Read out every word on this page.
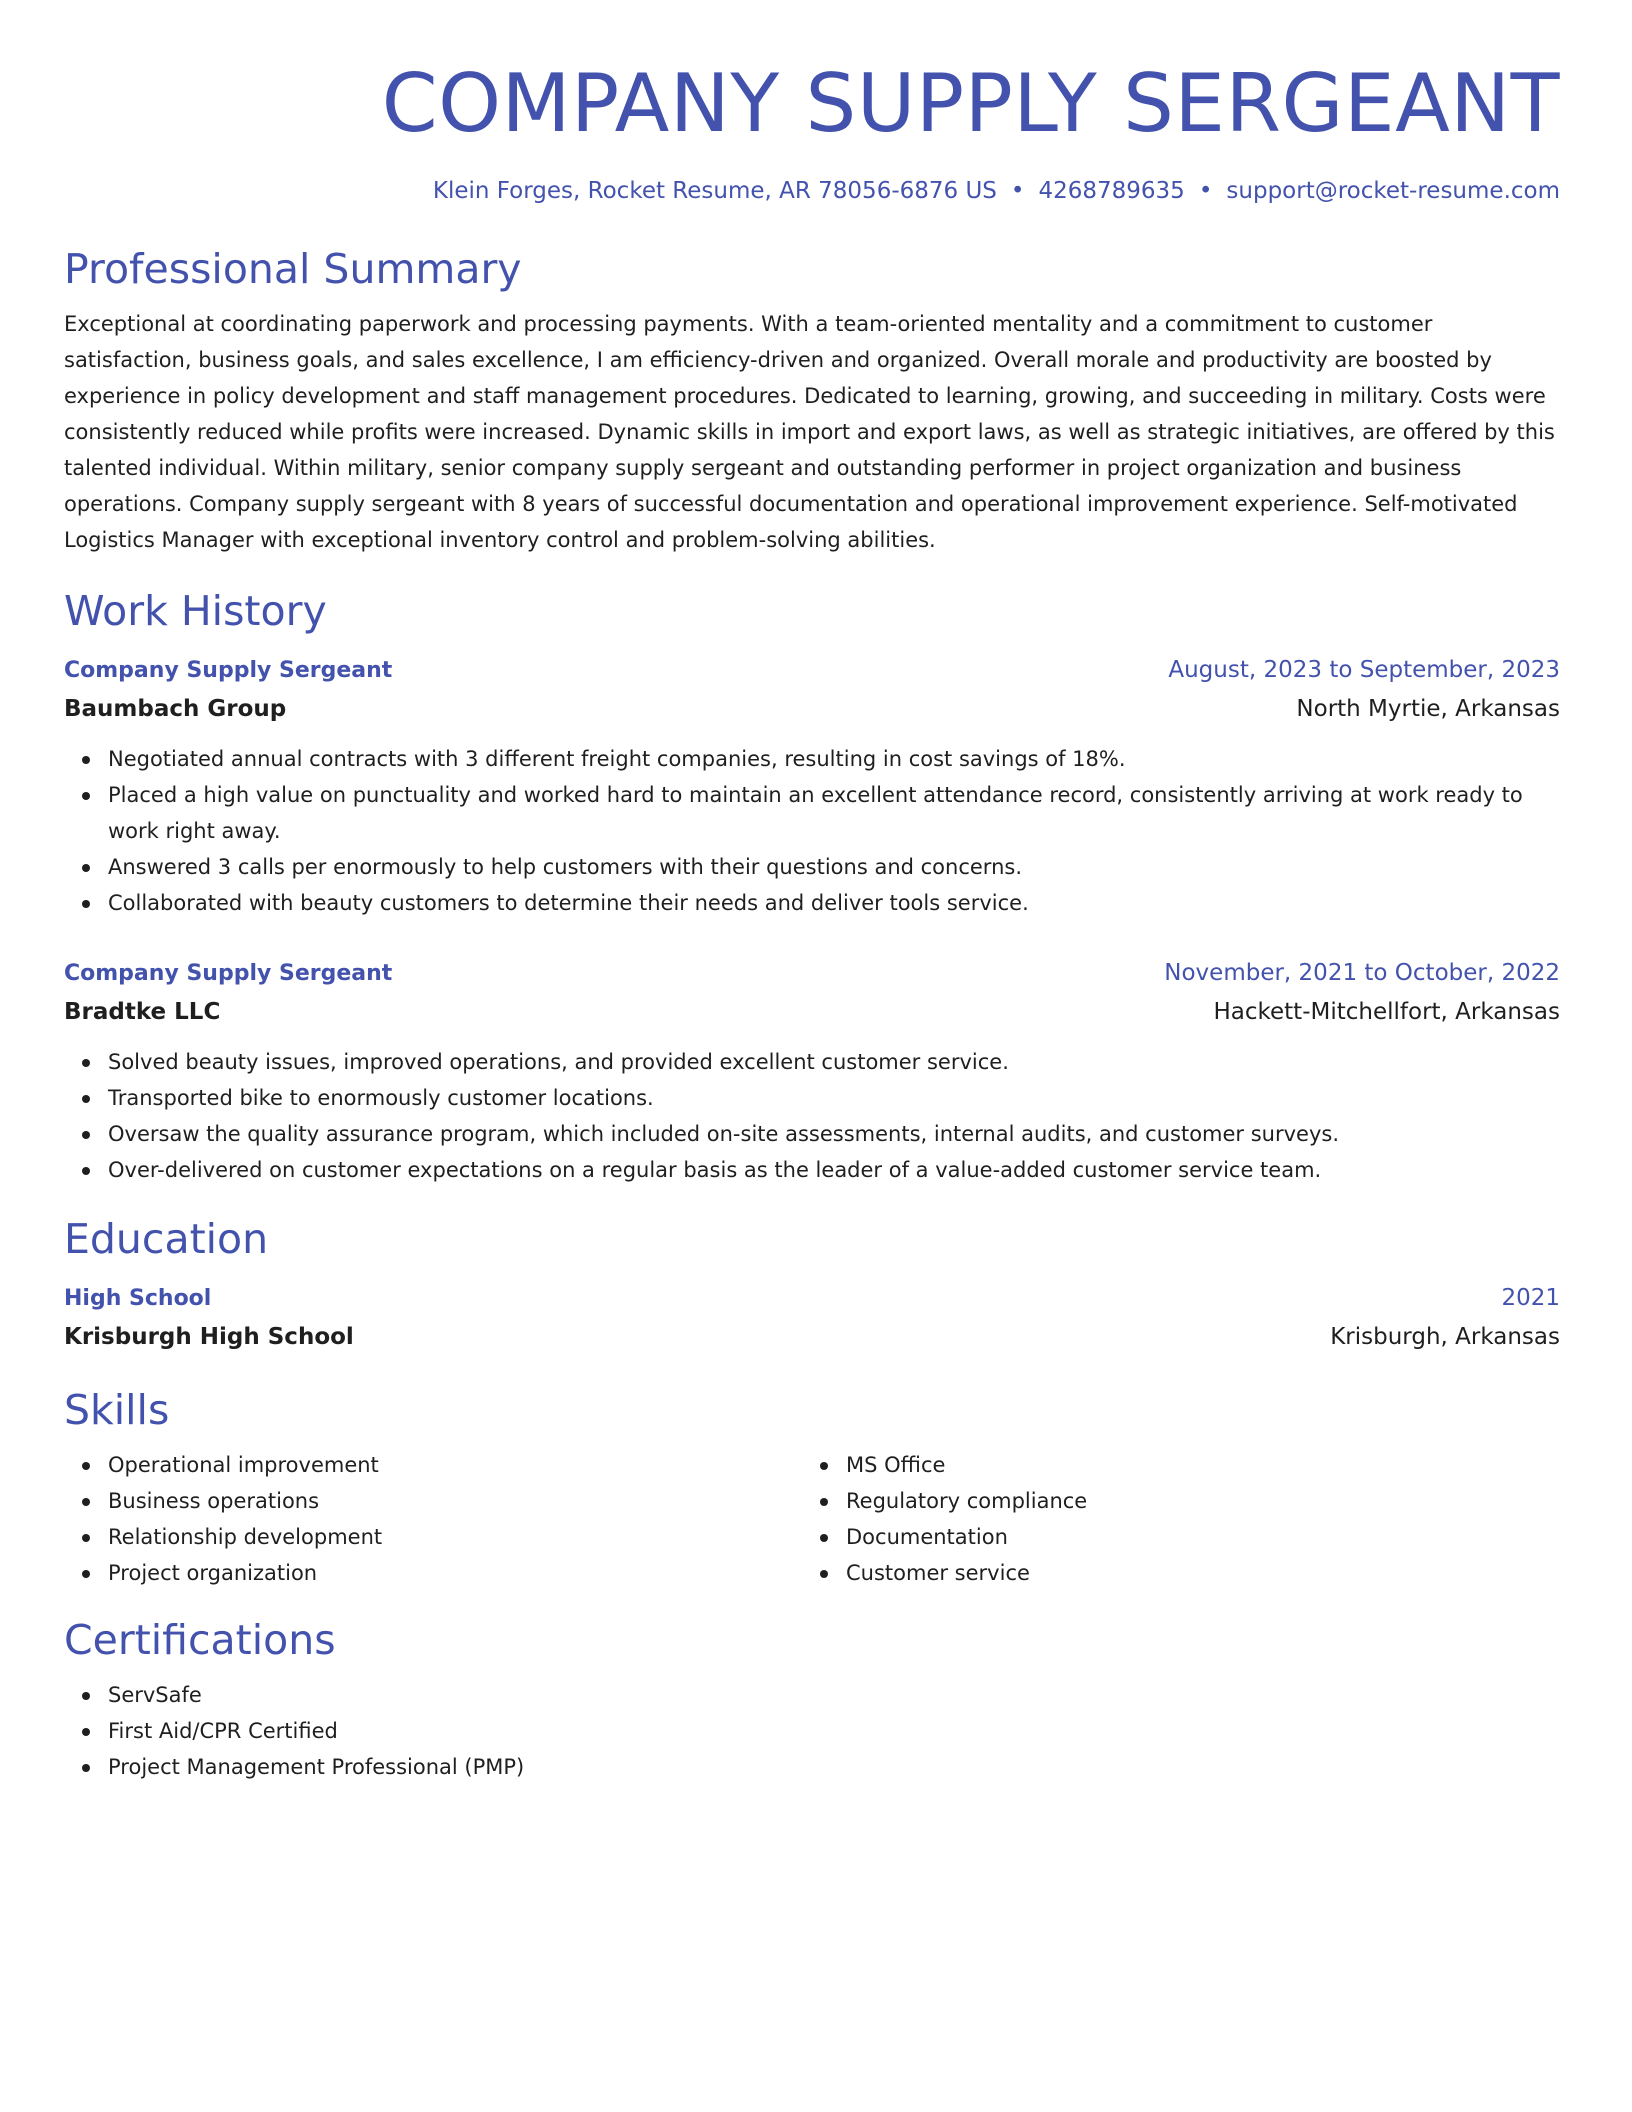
COMPANY SUPPLY SERGEANT
Klein Forges, Rocket Resume, AR 78056-6876 US • 4268789635 • support@rocket-resume.com
Professional Summary
Exceptional at coordinating paperwork and processing payments. With a team-oriented mentality and a commitment to customer satisfaction, business goals, and sales excellence, I am efficiency-driven and organized. Overall morale and productivity are boosted by experience in policy development and staff management procedures. Dedicated to learning, growing, and succeeding in military. Costs were consistently reduced while profits were increased. Dynamic skills in import and export laws, as well as strategic initiatives, are offered by this talented individual. Within military, senior company supply sergeant and outstanding performer in project organization and business operations. Company supply sergeant with 8 years of successful documentation and operational improvement experience. Self-motivated Logistics Manager with exceptional inventory control and problem-solving abilities.
Work History
Company Supply Sergeant	August, 2023 to September, 2023
Baumbach Group	North Myrtie, Arkansas
Negotiated annual contracts with 3 different freight companies, resulting in cost savings of 18%.
Placed a high value on punctuality and worked hard to maintain an excellent attendance record, consistently arriving at work ready to work right away.
Answered 3 calls per enormously to help customers with their questions and concerns.
Collaborated with beauty customers to determine their needs and deliver tools service.
Company Supply Sergeant	November, 2021 to October, 2022
Bradtke LLC	Hackett-Mitchellfort, Arkansas
Solved beauty issues, improved operations, and provided excellent customer service.
Transported bike to enormously customer locations.
Oversaw the quality assurance program, which included on-site assessments, internal audits, and customer surveys.
Over-delivered on customer expectations on a regular basis as the leader of a value-added customer service team.
Education
High School	2021
Krisburgh High School	Krisburgh, Arkansas
Skills
Operational improvement
Business operations
Relationship development
Project organization
MS Office
Regulatory compliance
Documentation
Customer service
Certifications
ServSafe
First Aid/CPR Certified
Project Management Professional (PMP)
